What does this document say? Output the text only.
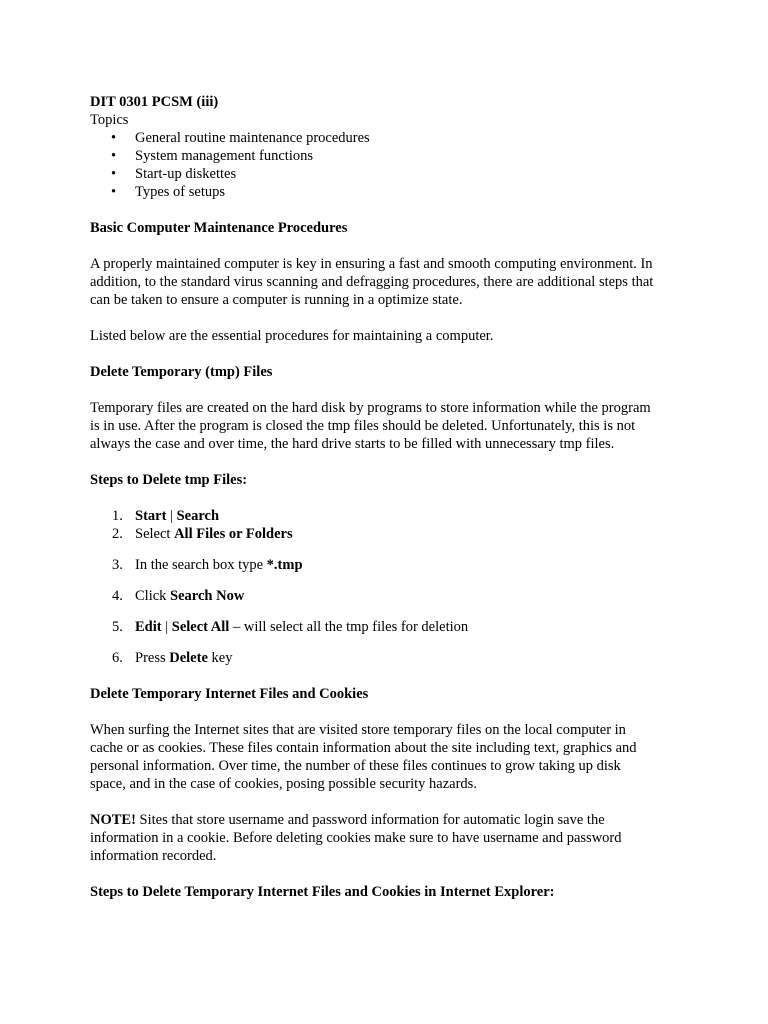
DIT 0301 PCSM (iii)

Topics

• General routine maintenance procedures
• System management functions
• Start-up diskettes
• Types of setups

Basic Computer Maintenance Procedures

A properly maintained computer is key in ensuring a fast and smooth computing environment. In

addition, to the standard virus scanning and defragging procedures, there are additional steps that

can be taken to ensure a computer is running in a optimize state.

Listed below are the essential procedures for maintaining a computer.

Delete Temporary (tmp) Files

Temporary files are created on the hard disk by programs to store information while the program

is in use. After the program is closed the tmp files should be deleted. Unfortunately, this is not

always the case and over time, the hard drive starts to be filled with unnecessary tmp files.

Steps to Delete tmp Files:

1. Start | Search
2. Select All Files or Folders
3. In the search box type *.tmp
4. Click Search Now
5. Edit | Select All – will select all the tmp files for deletion
6. Press Delete key

Delete Temporary Internet Files and Cookies

When surfing the Internet sites that are visited store temporary files on the local computer in

cache or as cookies. These files contain information about the site including text, graphics and

personal information. Over time, the number of these files continues to grow taking up disk

space, and in the case of cookies, posing possible security hazards.

NOTE! Sites that store username and password information for automatic login save the

information in a cookie. Before deleting cookies make sure to have username and password

information recorded.

Steps to Delete Temporary Internet Files and Cookies in Internet Explorer:
